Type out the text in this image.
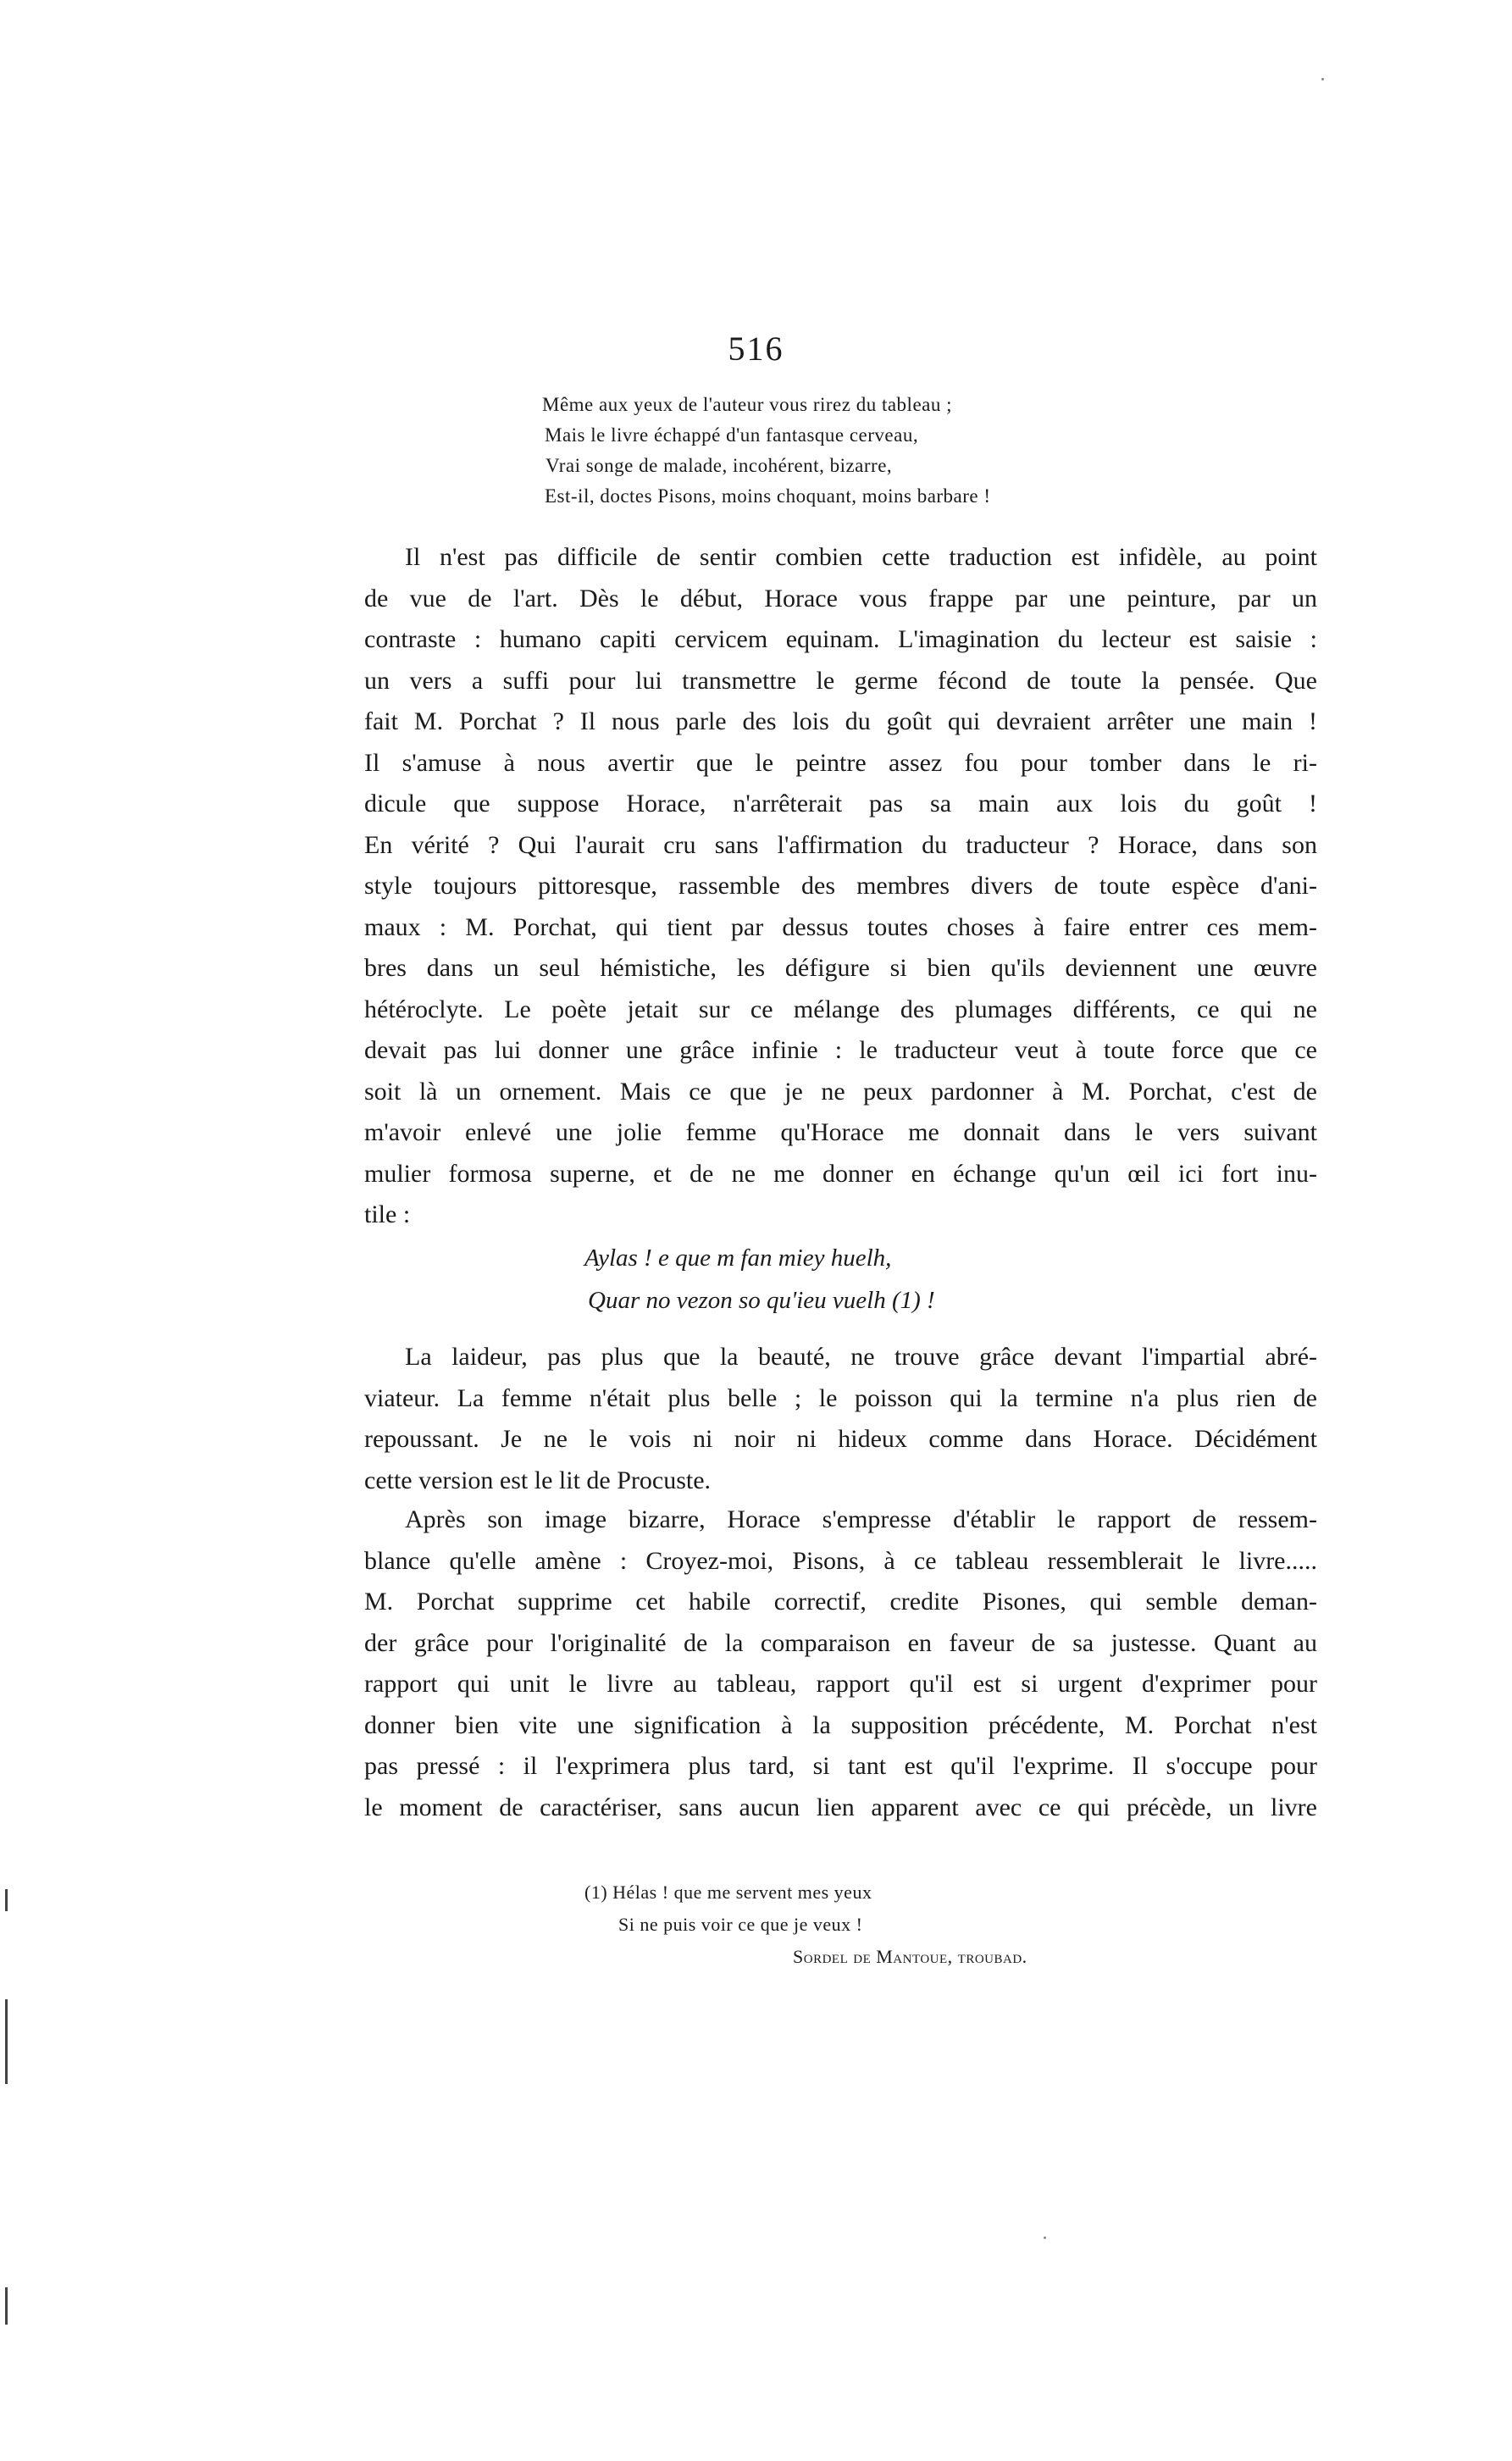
516
Même aux yeux de l'auteur vous rirez du tableau ;
Mais le livre échappé d'un fantasque cerveau,
Vrai songe de malade, incohérent, bizarre,
Est-il, doctes Pisons, moins choquant, moins barbare !
Il n'est pas difficile de sentir combien cette traduction est infidèle, au point
de vue de l'art. Dès le début, Horace vous frappe par une peinture, par un
contraste : humano capiti cervicem equinam. L'imagination du lecteur est saisie :
un vers a suffi pour lui transmettre le germe fécond de toute la pensée. Que
fait M. Porchat ? Il nous parle des lois du goût qui devraient arrêter une main !
Il s'amuse à nous avertir que le peintre assez fou pour tomber dans le ri-
dicule que suppose Horace, n'arrêterait pas sa main aux lois du goût !
En vérité ? Qui l'aurait cru sans l'affirmation du traducteur ? Horace, dans son
style toujours pittoresque, rassemble des membres divers de toute espèce d'ani-
maux : M. Porchat, qui tient par dessus toutes choses à faire entrer ces mem-
bres dans un seul hémistiche, les défigure si bien qu'ils deviennent une œuvre
hétéroclyte. Le poète jetait sur ce mélange des plumages différents, ce qui ne
devait pas lui donner une grâce infinie : le traducteur veut à toute force que ce
soit là un ornement. Mais ce que je ne peux pardonner à M. Porchat, c'est de
m'avoir enlevé une jolie femme qu'Horace me donnait dans le vers suivant
mulier formosa superne, et de ne me donner en échange qu'un œil ici fort inu-
tile :
Aylas ! e que m fan miey huelh,
Quar no vezon so qu'ieu vuelh (1) !
La laideur, pas plus que la beauté, ne trouve grâce devant l'impartial abré-
viateur. La femme n'était plus belle ; le poisson qui la termine n'a plus rien de
repoussant. Je ne le vois ni noir ni hideux comme dans Horace. Décidément
cette version est le lit de Procuste.
Après son image bizarre, Horace s'empresse d'établir le rapport de ressem-
blance qu'elle amène : Croyez-moi, Pisons, à ce tableau ressemblerait le livre.....
M. Porchat supprime cet habile correctif, credite Pisones, qui semble deman-
der grâce pour l'originalité de la comparaison en faveur de sa justesse. Quant au
rapport qui unit le livre au tableau, rapport qu'il est si urgent d'exprimer pour
donner bien vite une signification à la supposition précédente, M. Porchat n'est
pas pressé : il l'exprimera plus tard, si tant est qu'il l'exprime. Il s'occupe pour
le moment de caractériser, sans aucun lien apparent avec ce qui précède, un livre
(1) Hélas ! que me servent mes yeux
Si ne puis voir ce que je veux !
Sordel de Mantoue, troubad.
